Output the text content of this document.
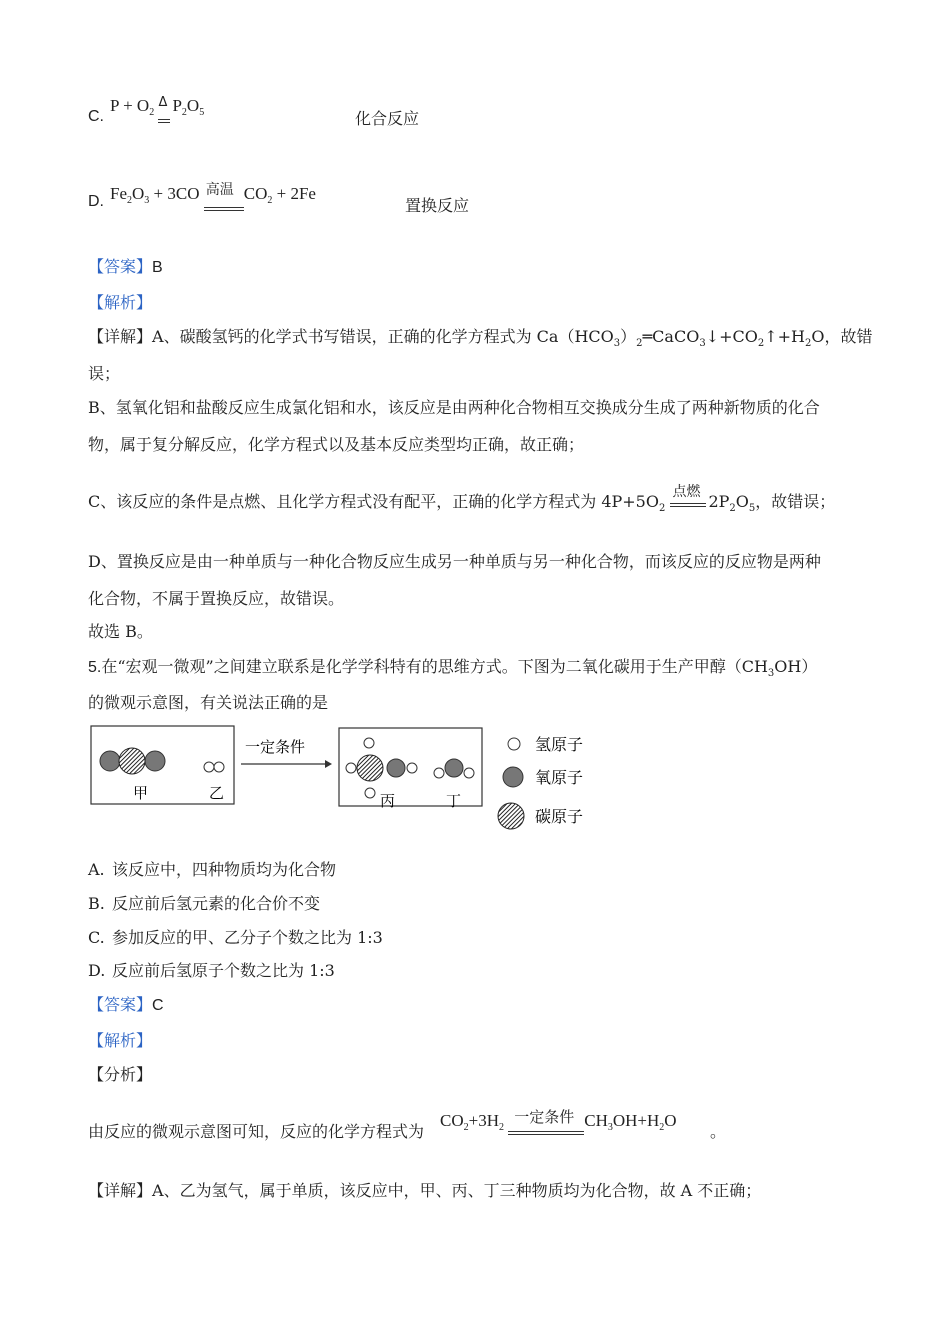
C.
$P + O_2$
Δ $P_2O_5$	化合反应
D. $Fe_2O_3 + 3CO$ 高温 $CO_2 + 2Fe$
置换反应
【答案】B
【解析】
【详解】A、碳酸氢钙的化学式书写错误，正确的化学方程式为 $Ca(HCO_3)_2═CaCO_3↓+CO_2↑+H_2O$，故错
误；
B、氢氧化铝和盐酸反应生成氯化铝和水，该反应是由两种化合物相互交换成分生成了两种新物质的化合
物，属于复分解反应，化学方程式以及基本反应类型均正确，故正确；
C、该反应的条件是点燃、且化学方程式没有配平，正确的化学方程式为 $4P+5O_2$
点燃 $2P_2O_5$，故错误；
D、置换反应是由一种单质与一种化合物反应生成另一种单质与另一种化合物，而该反应的反应物是两种
化合物，不属于置换反应，故错误。
故选 B。
5.在“宏观一微观”之间建立联系是化学学科特有的思维方式。下图为二氧化碳用于生产甲醇$(CH_3OH)$
的微观示意图，有关说法正确的是
甲	乙
一定条件
丙	丁
氢原子
氧原子
碳原子
A. 该反应中，四种物质均为化合物
B. 反应前后氢元素的化合价不变
C. 参加反应的甲、乙分子个数之比为 1:3
D. 反应前后氢原子个数之比为 1:3
【答案】C
【解析】
【分析】
由反应的微观示意图可知，反应的化学方程式为
$CO_2+3H_2$
一定条件 $CH_3OH+H_2O$
。
【详解】A、乙为氢气，属于单质，该反应中，甲、丙、丁三种物质均为化合物，故 A 不正确；
